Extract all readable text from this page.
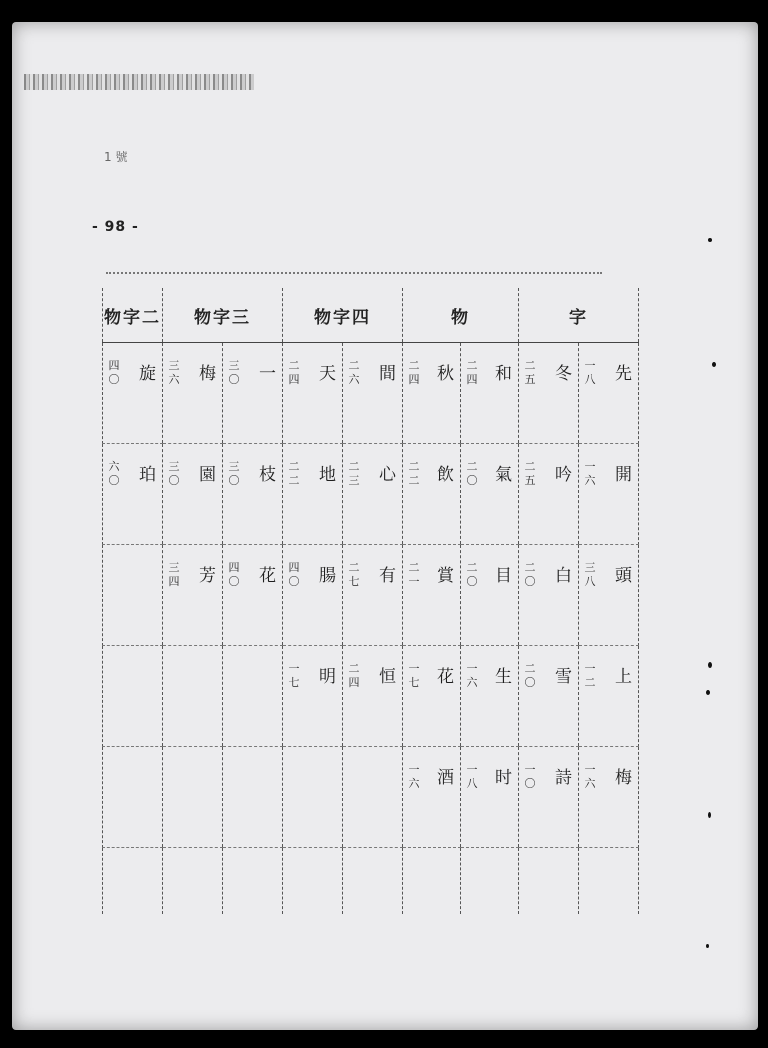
1 號
- 98 -
物字二	物字三		物字四		物		字	

四〇 旋	三六 梅	三〇 一	二四 天	二六 間	二四 秋	二四 和	二五 冬	一八 先

六〇 珀	三〇 園	三〇 枝	二二 地	二三 心	二二 飲	二〇 氣	二五 吟	一六 開

	三四 芳	四〇 花	四〇 腸	二七 有	二一 賞	二〇 目	二〇 白	三八 頭

			一七 明	二四 恒	一七 花	一六 生	二〇 雪	一二 上

					一六 酒	一八 时	一〇 詩	一六 梅
